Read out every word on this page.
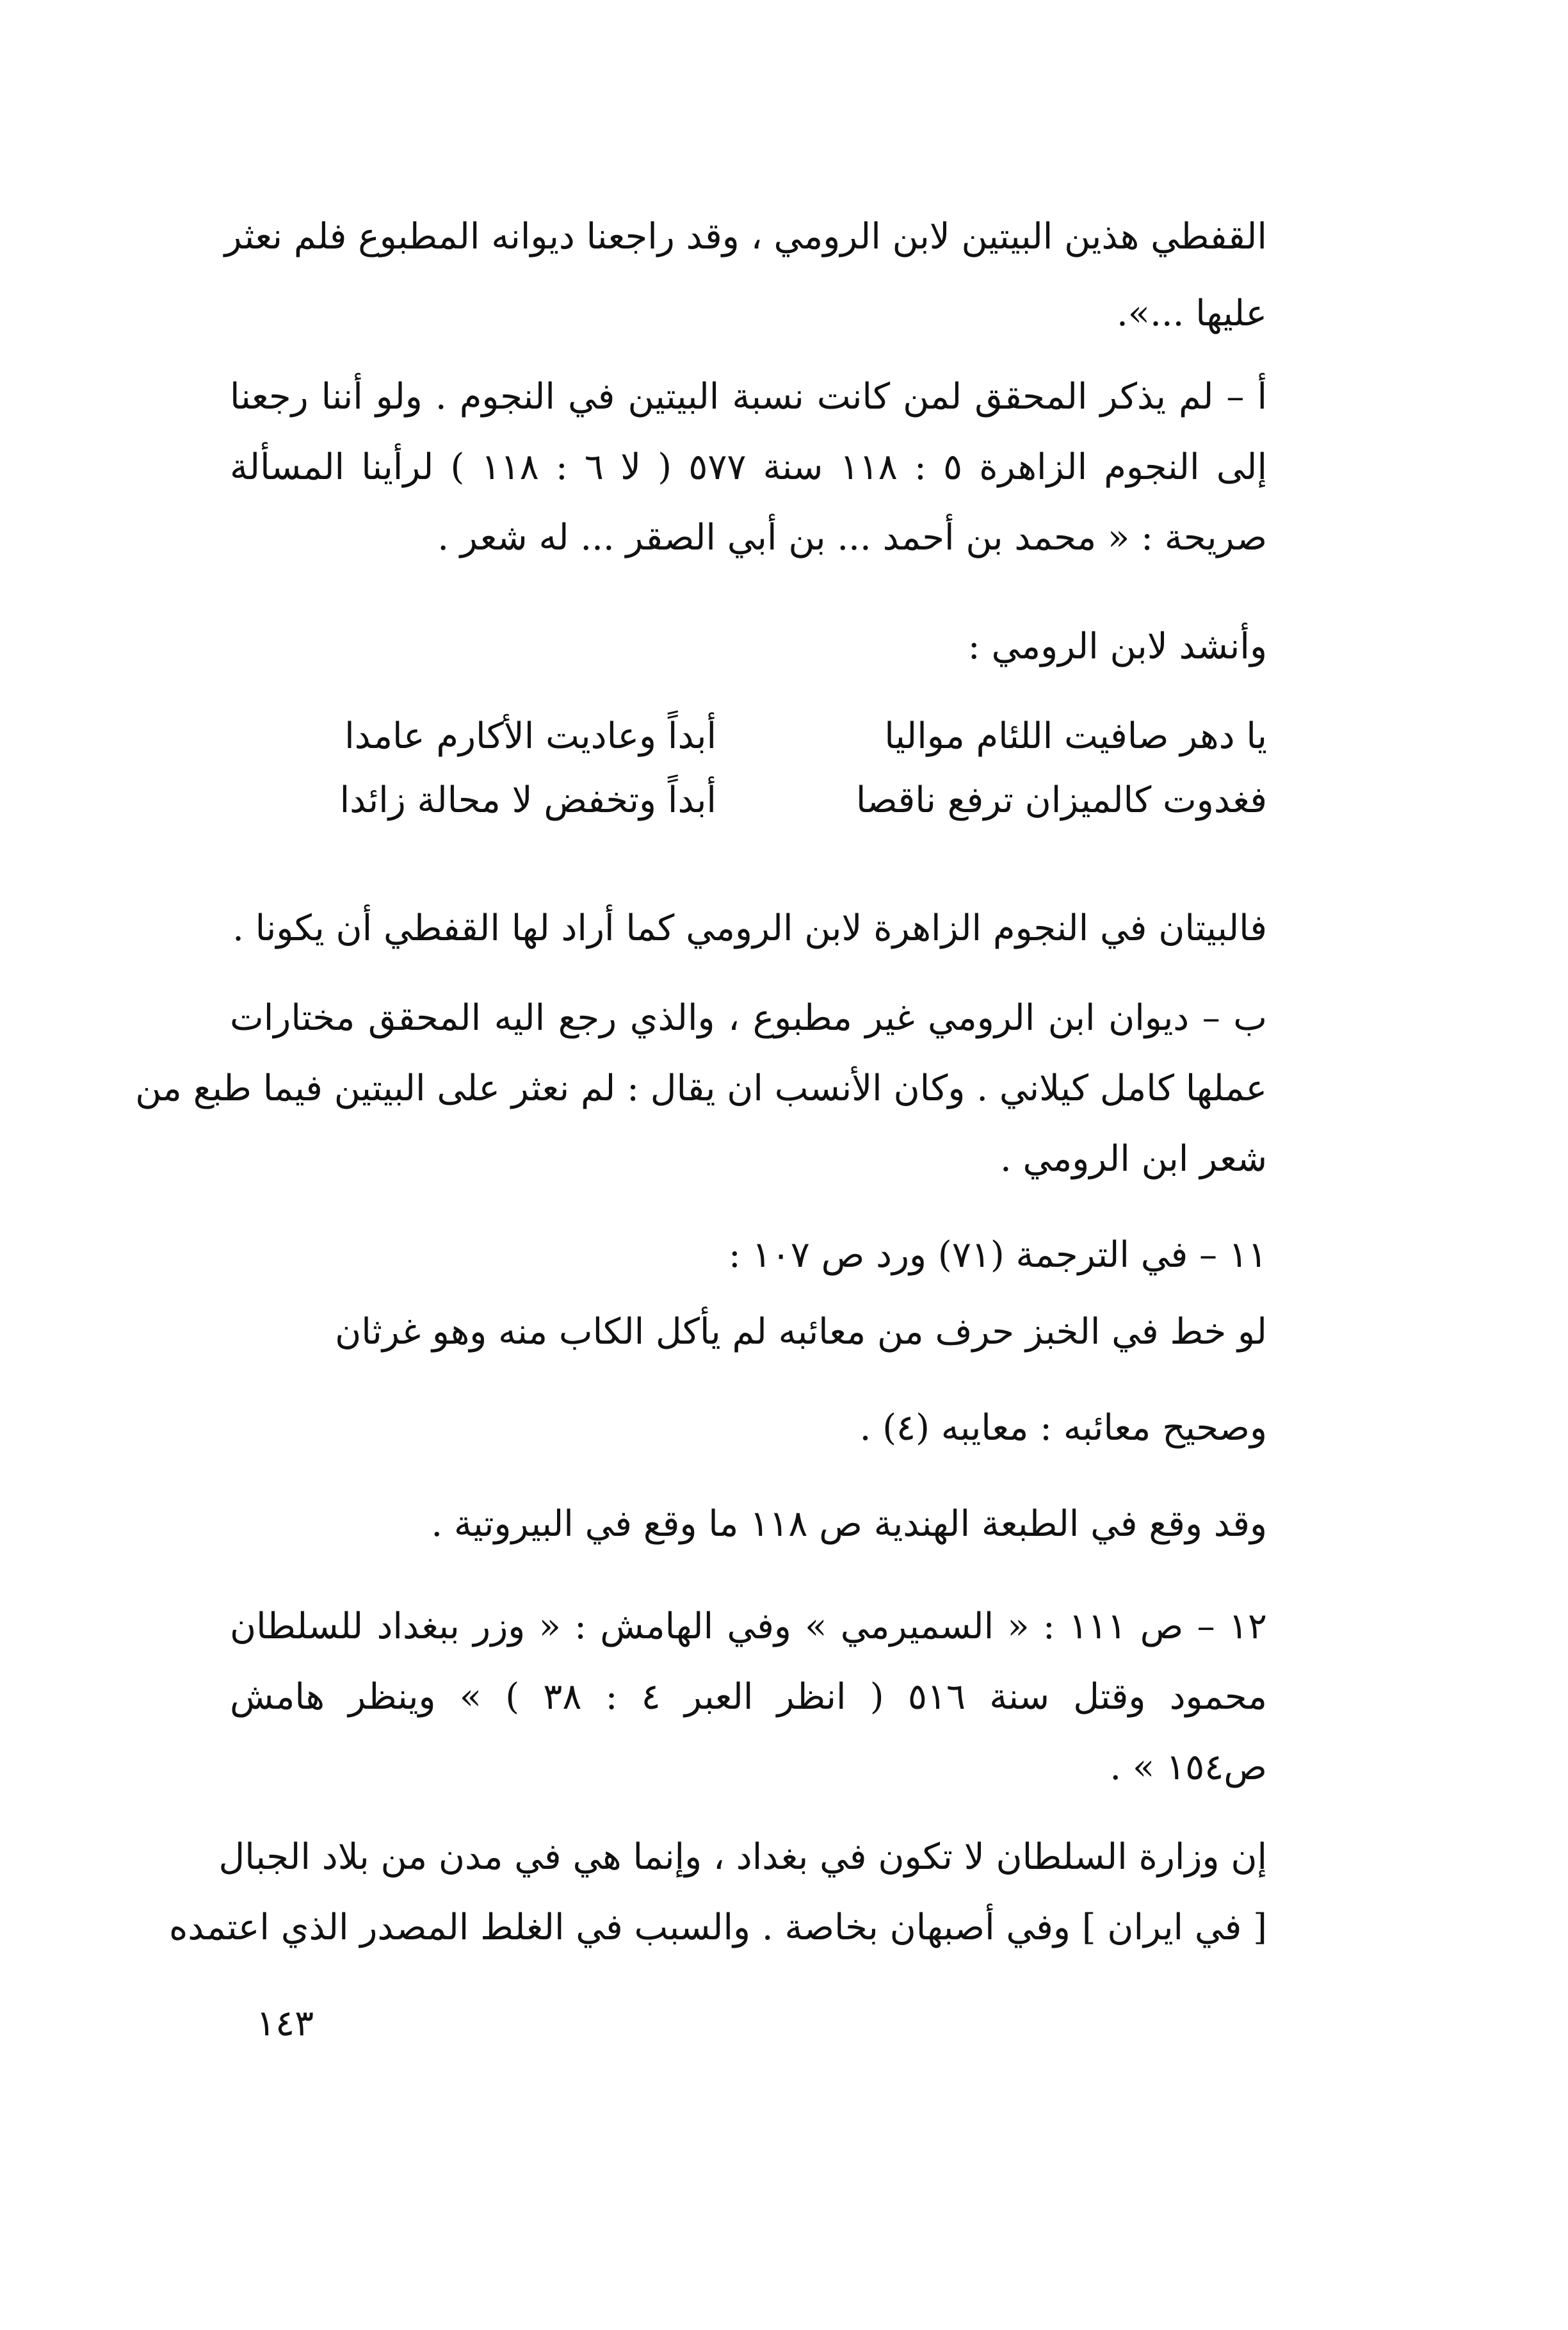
القفطي هذين البيتين لابن الرومي ، وقد راجعنا ديوانه المطبوع فلم نعثر
عليها ...».
أ – لم يذكر المحقق لمن كانت نسبة البيتين في النجوم . ولو أننا رجعنا
إلى النجوم الزاهرة ٥ : ١١٨ سنة ٥٧٧ ( لا ٦ : ١١٨ ) لرأينا المسألة
صريحة : « محمد بن أحمد ... بن أبي الصقر ... له شعر .
وأنشد لابن الرومي :
يا دهر صافيت اللئام مواليا
أبداً وعاديت الأكارم عامدا
فغدوت كالميزان ترفع ناقصا
أبداً وتخفض لا محالة زائدا
فالبيتان في النجوم الزاهرة لابن الرومي كما أراد لها القفطي أن يكونا .
ب – ديوان ابن الرومي غير مطبوع ، والذي رجع اليه المحقق مختارات
عملها كامل كيلاني . وكان الأنسب ان يقال : لم نعثر على البيتين فيما طبع من
شعر ابن الرومي .
١١ – في الترجمة (٧١) ورد ص ١٠٧ :
لو خط في الخبز حرف من معائبه لم يأكل الكاب منه وهو غرثان
وصحيح معائبه : معايبه (٤) .
وقد وقع في الطبعة الهندية ص ١١٨ ما وقع في البيروتية .
١٢ – ص ١١١ : « السميرمي » وفي الهامش : « وزر ببغداد للسلطان
محمود وقتل سنة ٥١٦ ( انظر العبر ٤ : ٣٨ ) » وينظر هامش
ص١٥٤ » .
إن وزارة السلطان لا تكون في بغداد ، وإنما هي في مدن من بلاد الجبال
[ في ايران ] وفي أصبهان بخاصة . والسبب في الغلط المصدر الذي اعتمده
١٤٣
